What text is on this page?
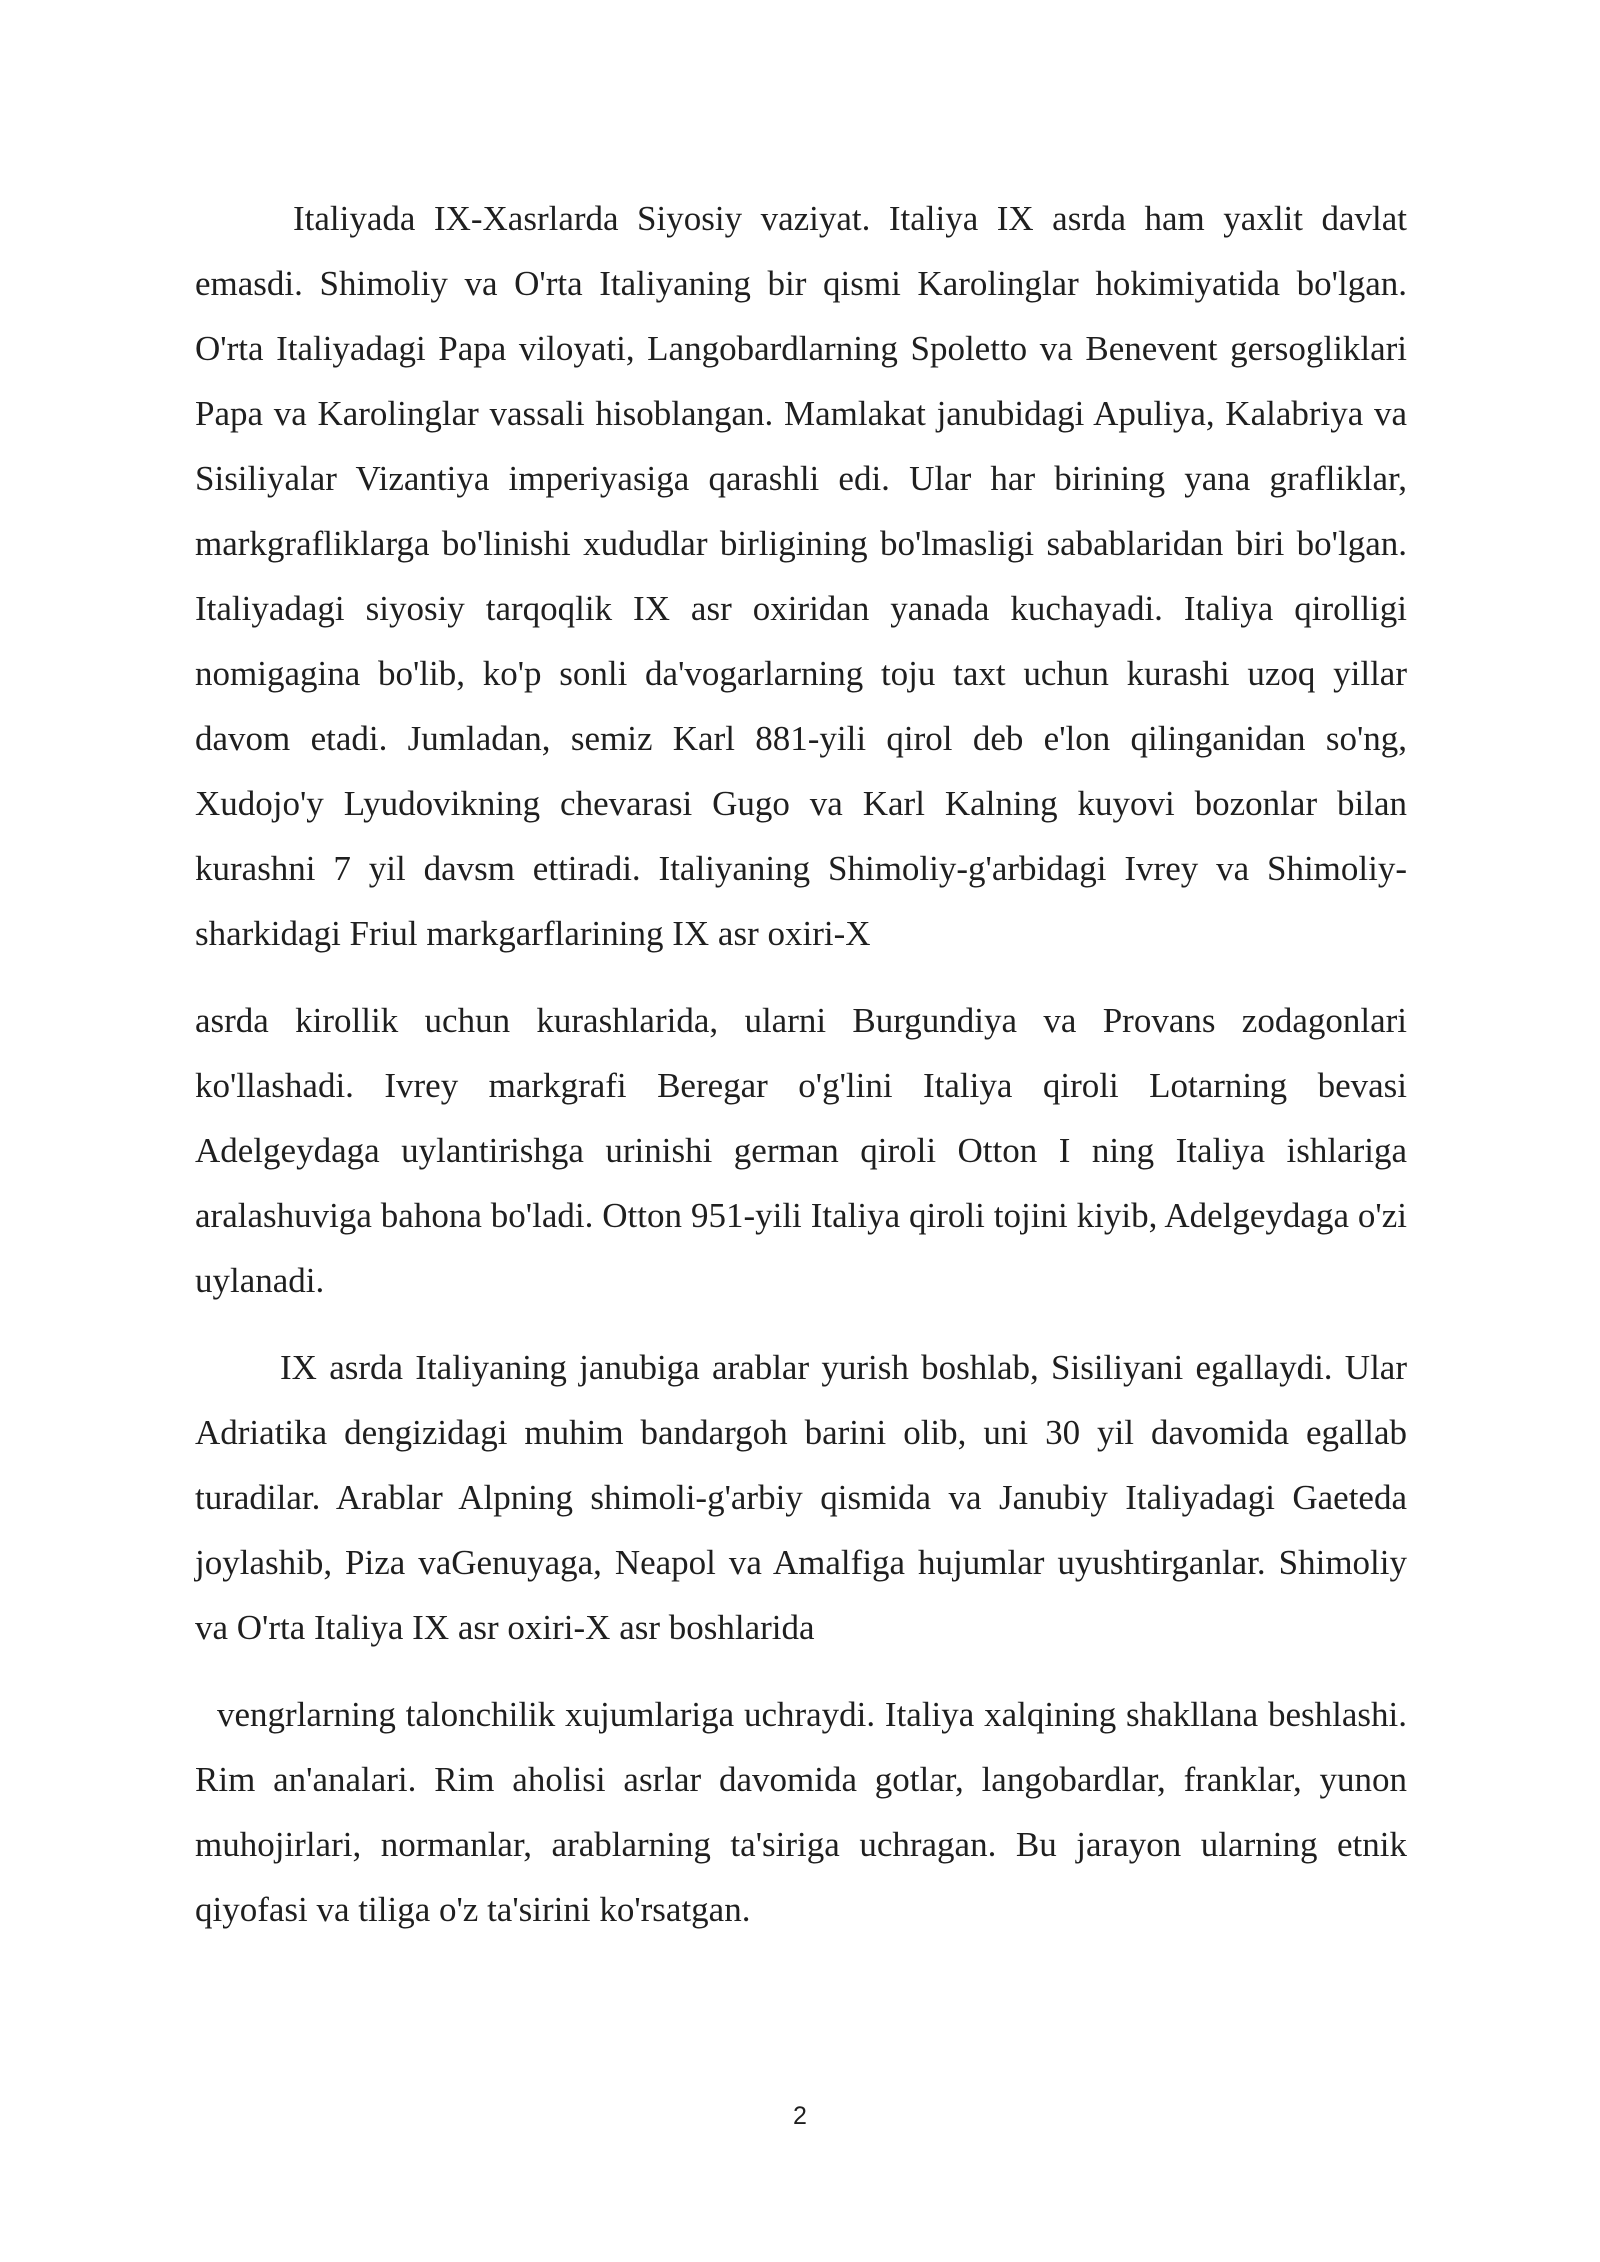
Italiyada IX-Xasrlarda Siyosiy vaziyat. Italiya IX asrda ham yaxlit davlat emasdi. Shimoliy va O'rta Italiyaning bir qismi Karolinglar hokimiyatida bo'lgan. O'rta Italiyadagi Papa viloyati, Langobardlarning Spoletto va Benevent gersogliklari Papa va Karolinglar vassali hisoblangan. Mamlakat janubidagi Apuliya, Kalabriya va Sisiliyalar Vizantiya imperiyasiga qarashli edi. Ular har birining yana grafliklar, markgrafliklarga bo'linishi xududlar birligining bo'lmasligi sabablaridan biri bo'lgan. Italiyadagi siyosiy tarqoqlik IX asr oxiridan yanada kuchayadi. Italiya qirolligi nomigagina bo'lib, ko'p sonli da'vogarlarning toju taxt uchun kurashi uzoq yillar davom etadi. Jumladan, semiz Karl 881-yili qirol deb e'lon qilinganidan so'ng, Xudojo'y Lyudovikning chevarasi Gugo va Karl Kalning kuyovi bozonlar bilan kurashni 7 yil davsm ettiradi. Italiyaning Shimoliy-g'arbidagi Ivrey va Shimoliy-sharkidagi Friul markgarflarining IX asr oxiri-X

asrda kirollik uchun kurashlarida, ularni Burgundiya va Provans zodagonlari ko'llashadi. Ivrey markgrafi Beregar o'g'lini Italiya qiroli Lotarning bevasi Adelgeydaga uylantirishga urinishi german qiroli Otton I ning Italiya ishlariga aralashuviga bahona bo'ladi. Otton 951-yili Italiya qiroli tojini kiyib, Adelgeydaga o'zi uylanadi.

IX asrda Italiyaning janubiga arablar yurish boshlab, Sisiliyani egallaydi. Ular Adriatika dengizidagi muhim bandargoh barini olib, uni 30 yil davomida egallab turadilar. Arablar Alpning shimoli-g'arbiy qismida va Janubiy Italiyadagi Gaeteda joylashib, Piza vaGenuyaga, Neapol va Amalfiga hujumlar uyushtirganlar. Shimoliy va O'rta Italiya IX asr oxiri-X asr boshlarida

vengrlarning talonchilik xujumlariga uchraydi. Italiya xalqining shakllana beshlashi. Rim an'analari. Rim aholisi asrlar davomida gotlar, langobardlar, franklar, yunon muhojirlari, normanlar, arablarning ta'siriga uchragan. Bu jarayon ularning etnik qiyofasi va tiliga o'z ta'sirini ko'rsatgan.

2
